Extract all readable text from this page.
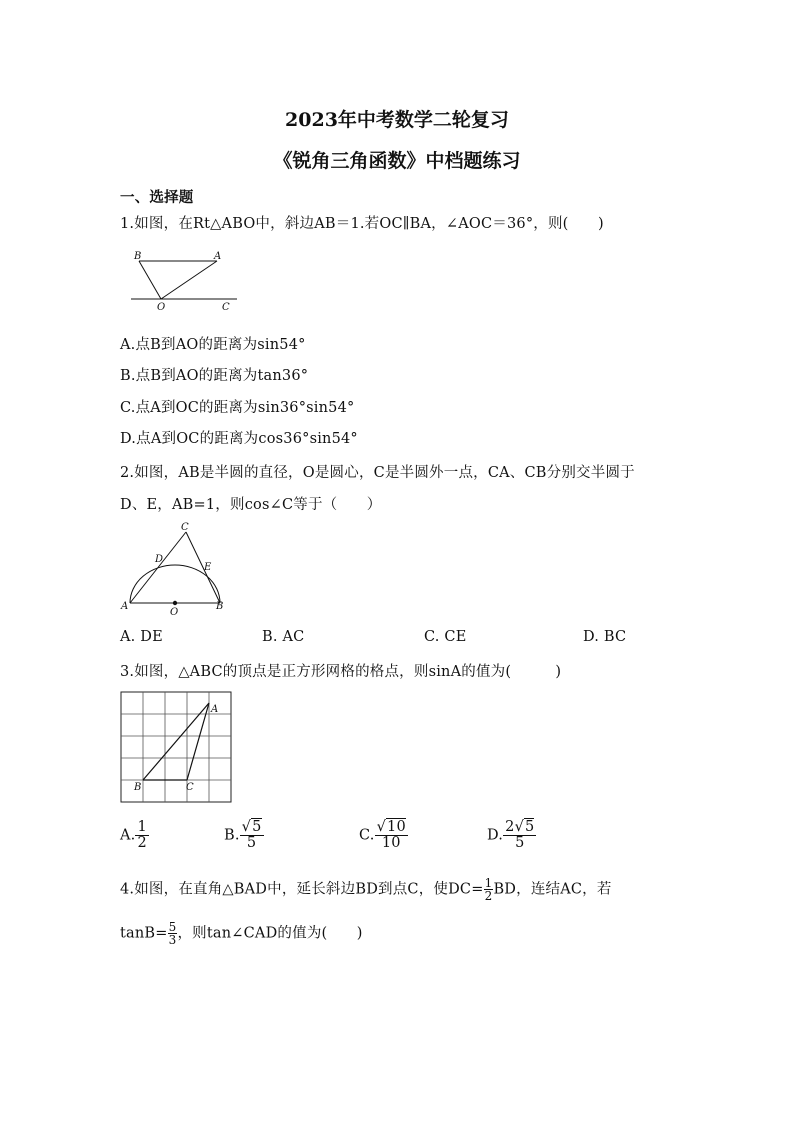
2023年中考数学二轮复习
《锐角三角函数》中档题练习
一、选择题
1.如图，在Rt△ABO中，斜边AB＝1.若OC∥BA，∠AOC＝36°，则(　　)
B	A
O	C
A.点B到AO的距离为sin54°
B.点B到AO的距离为tan36°
C.点A到OC的距离为sin36°sin54°
D.点A到OC的距离为cos36°sin54°
2.如图，AB是半圆的直径，O是圆心，C是半圆外一点，CA、CB分别交半圆于
D、E，AB=1，则cos∠C等于（　　）
C
D
E
A	B
O
A. DE	B. AC	C. CE	D. BC
3.如图，△ABC的顶点是正方形网格的格点，则sinA的值为(　　　)
A
B	C
A. $\frac{1}{2}$	B. $\frac{√5}{5}$	C. $\frac{√10}{10}$	D. $\frac{2√5}{5}$
4.如图，在直角△BAD中，延长斜边BD到点C，使$DC= \frac{1}{2}$ BD，连结AC，若
$\tan B= \frac{5}{3}$ ，则tan∠CAD的值为(　　)
